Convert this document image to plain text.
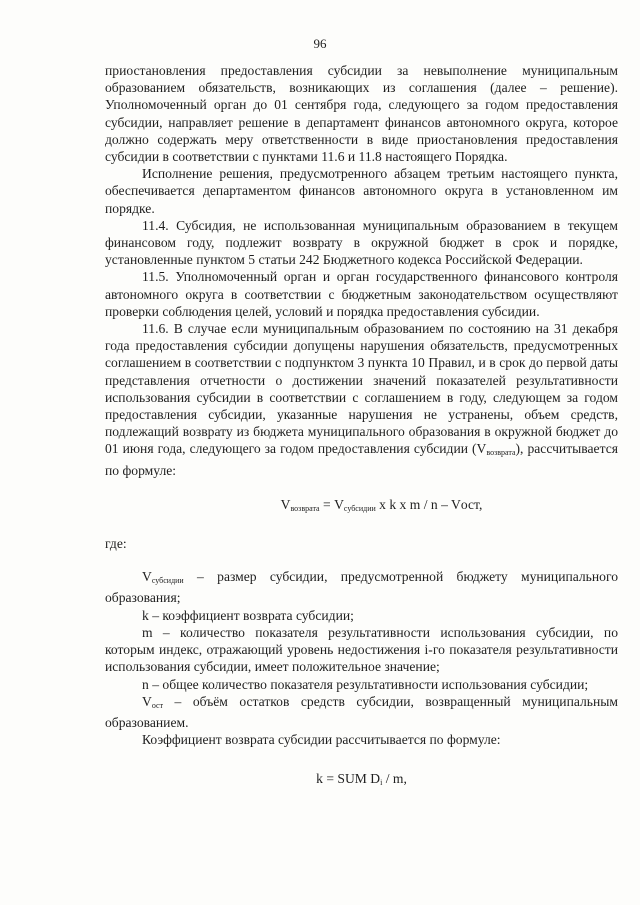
96

приостановления предоставления субсидии за невыполнение муниципальным образованием обязательств, возникающих из соглашения (далее – решение). Уполномоченный орган до 01 сентября года, следующего за годом предоставления субсидии, направляет решение в департамент финансов автономного округа, которое должно содержать меру ответственности в виде приостановления предоставления субсидии в соответствии с пунктами 11.6 и 11.8 настоящего Порядка.

Исполнение решения, предусмотренного абзацем третьим настоящего пункта, обеспечивается департаментом финансов автономного округа в установленном им порядке.

11.4. Субсидия, не использованная муниципальным образованием в текущем финансовом году, подлежит возврату в окружной бюджет в срок и порядке, установленные пунктом 5 статьи 242 Бюджетного кодекса Российской Федерации.

11.5. Уполномоченный орган и орган государственного финансового контроля автономного округа в соответствии с бюджетным законодательством осуществляют проверки соблюдения целей, условий и порядка предоставления субсидии.

11.6. В случае если муниципальным образованием по состоянию на 31 декабря года предоставления субсидии допущены нарушения обязательств, предусмотренных соглашением в соответствии с подпунктом 3 пункта 10 Правил, и в срок до первой даты представления отчетности о достижении значений показателей результативности использования субсидии в соответствии с соглашением в году, следующем за годом предоставления субсидии, указанные нарушения не устранены, объем средств, подлежащий возврату из бюджета муниципального образования в окружной бюджет до 01 июня года, следующего за годом предоставления субсидии $(V_{возврата})$, рассчитывается по формуле:

$V_{возврата} = V_{субсидии}$ x k x m / n – Vост,

где:

$V_{субсидии}$ – размер субсидии, предусмотренной бюджету муниципального образования;

k – коэффициент возврата субсидии;

m – количество показателя результативности использования субсидии, по которым индекс, отражающий уровень недостижения i-го показателя результативности использования субсидии, имеет положительное значение;

n – общее количество показателя результативности использования субсидии;

$V_{ост}$ – объём остатков средств субсидии, возвращенный муниципальным образованием.

Коэффициент возврата субсидии рассчитывается по формуле:

k = SUM $D_i$ / m,
